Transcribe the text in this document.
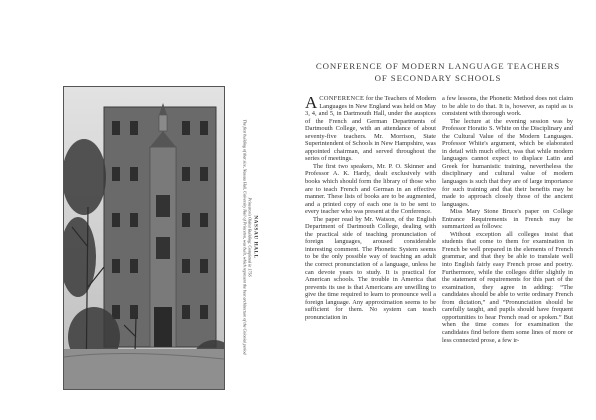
NASSAU HALL
Princeton's Oldest Building: Completed in 1756
The first building of that size, Nassau Hall, University Hall of Princeton, was built, which represent the best architecture of the Colonial period
CONFERENCE OF MODERN LANGUAGE TEACHERS
OF SECONDARY SCHOOLS

ACONFERENCE for the Teachers of Modern Languages in New England was held on May 3, 4, and 5, in Dartmouth Hall, under the auspices of the French and German Departments of Dartmouth College, with an attendance of about seventy-five teachers. Mr. Morrison, State Superintendent of Schools in New Hampshire, was appointed chairman, and served throughout the series of meetings.

The first two speakers, Mr. P. O. Skinner and Professor A. K. Hardy, dealt exclusively with books which should form the library of those who are to teach French and German in an effective manner. These lists of books are to be augmented, and a printed copy of each one is to be sent to every teacher who was present at the Conference.

The paper read by Mr. Watson, of the English Department of Dartmouth College, dealing with the practical side of teaching pronunciation of foreign languages, aroused considerable interesting comment. The Phonetic System seems to be the only possible way of teaching an adult the correct pronunciation of a language, unless he can devote years to study. It is practical for American schools. The trouble in America that prevents its use is that Americans are unwilling to give the time required to learn to pronounce well a foreign language. Any approximation seems to be sufficient for them. No system can teach pronunciation in

a few lessons, the Phonetic Method does not claim to be able to do that. It is, however, as rapid as is consistent with thorough work.

The lecture at the evening session was by Professor Horatio S. White on the Disciplinary and the Cultural Value of the Modern Languages. Professor White's argument, which be elaborated in detail with much effect, was that while modern languages cannot expect to displace Latin and Greek for humanistic training, nevertheless the disciplinary and cultural value of modern languages is such that they are of large importance for such training and that their benefits may be made to approach closely those of the ancient languages.

Miss Mary Stone Bruce's paper on College Entrance Requirements in French may be summarized as follows:

Without exception all colleges insist that students that come to them for examination in French be well prepared in the elements of French grammar, and that they be able to translate well into English fairly easy French prose and poetry. Furthermore, while the colleges differ slightly in the statement of requirements for this part of the examination, they agree in adding: “The candidates should be able to write ordinary French from dictation,” and “Pronunciation should be carefully taught, and pupils should have frequent opportunities to hear French read or spoken.” But when the time comes for examination the candidates find before them some lines of more or less connected prose, a few ir-
